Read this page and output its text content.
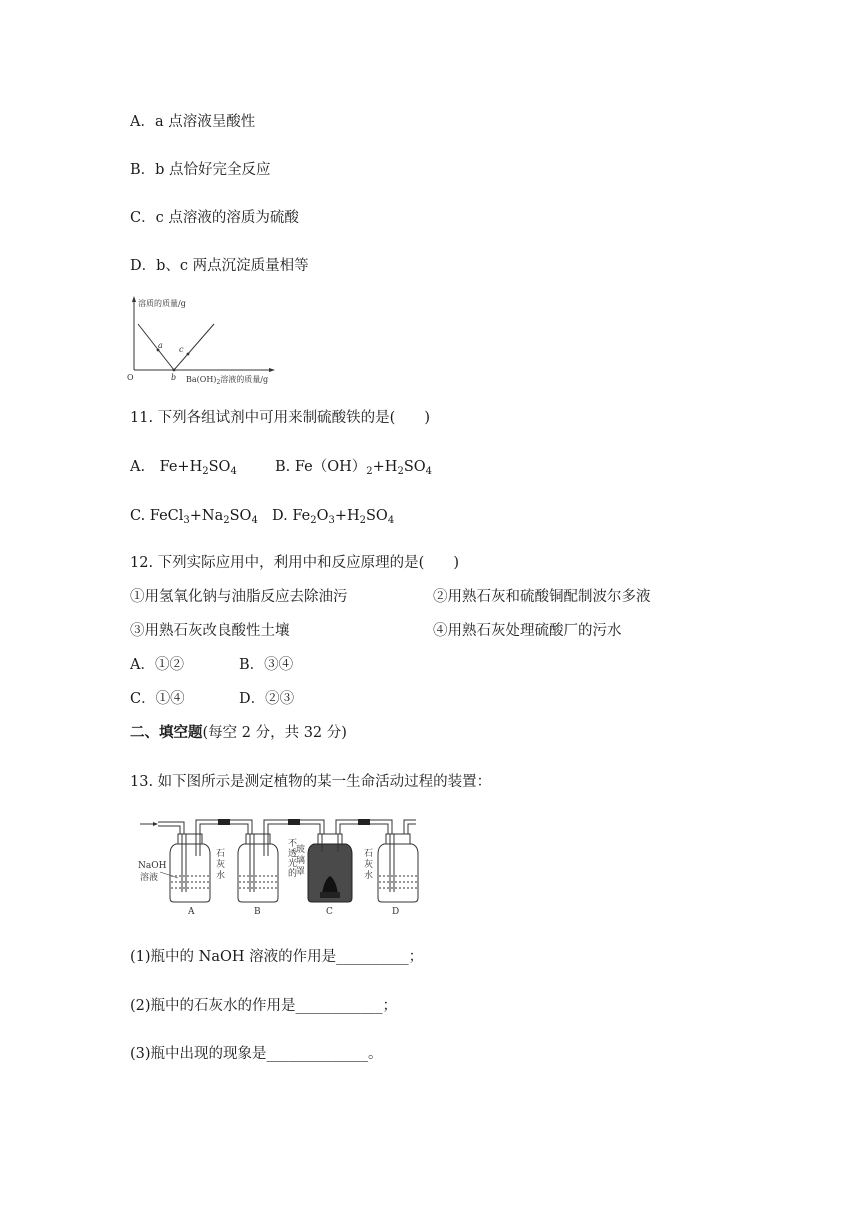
A．a 点溶液呈酸性
B．b 点恰好完全反应
C．c 点溶液的溶质为硫酸
D．b、c 两点沉淀质量相等
溶质的质量/g
O
a
b
c
$Ba(OH)_2$溶液的质量/g
11. 下列各组试剂中可用来制硫酸铁的是(　　)
A.　$Fe+H_2SO_4$	B. $Fe(OH)_2+H_2SO_4$
C. $FeCl_3+Na_2SO_4$ D. $Fe_2O_3+H_2SO_4$
12. 下列实际应用中，利用中和反应原理的是(　　)
①用氢氧化钠与油脂反应去除油污	②用熟石灰和硫酸铜配制波尔多液
③用熟石灰改良酸性土壤	④用熟石灰处理硫酸厂的污水
A．①②	B．③④
C．①④	D．②③
二、填空题(每空 2 分，共 32 分)
13. 如下图所示是测定植物的某一生命活动过程的装置：
NaOH
溶液
石
灰
水
玻
璃
罩
不
透
光
的
石
灰
水
A	B	C	D
(1)瓶中的 NaOH 溶液的作用是__________；
(2)瓶中的石灰水的作用是____________；
(3)瓶中出现的现象是______________。
